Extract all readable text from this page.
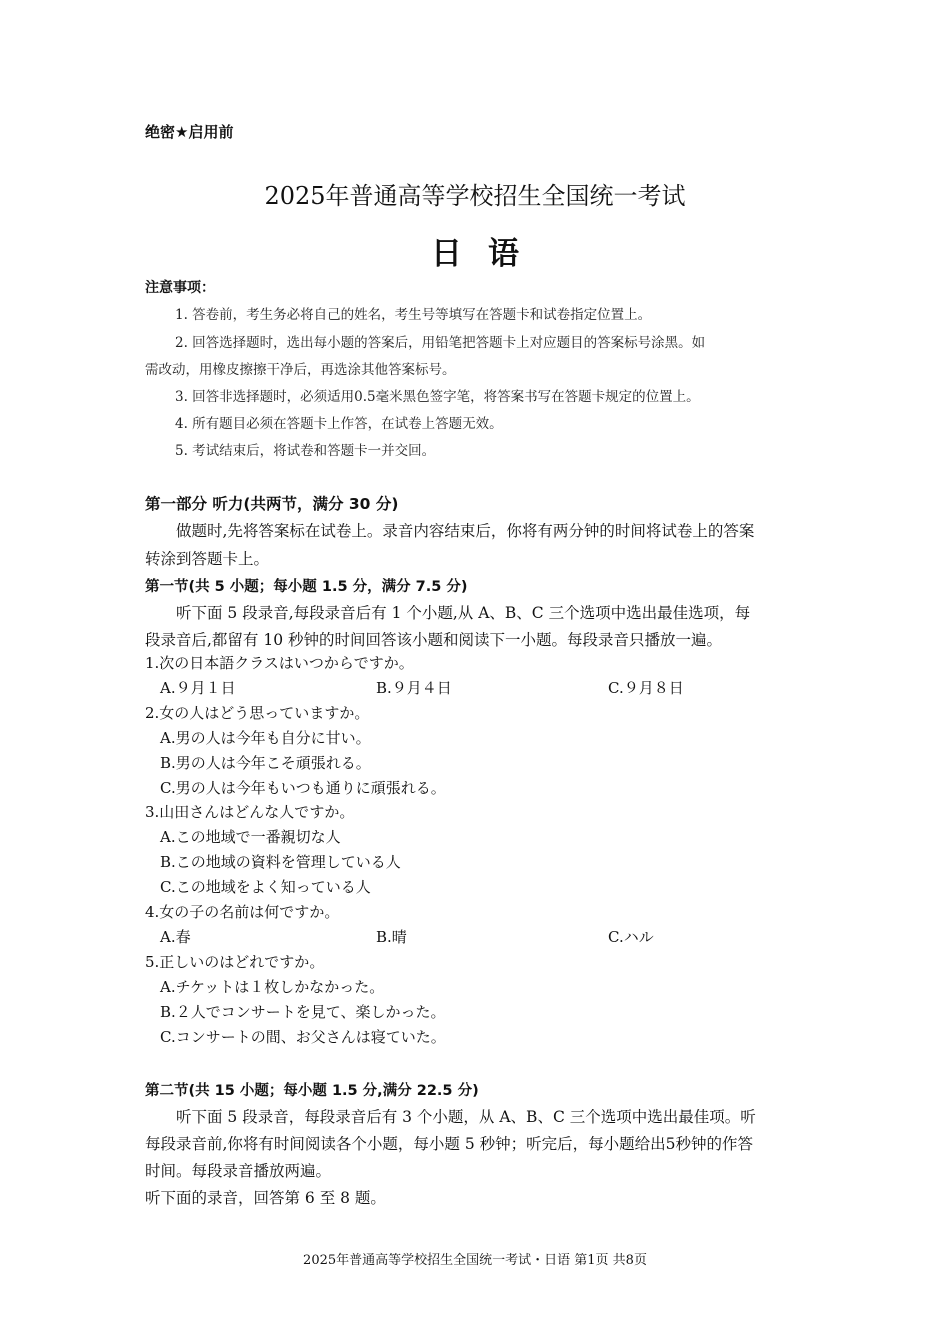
绝密★启用前
2025年普通高等学校招生全国统一考试
日语
注意事项：
1. 答卷前，考生务必将自己的姓名，考生号等填写在答题卡和试卷指定位置上。
2. 回答选择题时，选出每小题的答案后，用铅笔把答题卡上对应题目的答案标号涂黑。如
需改动，用橡皮擦擦干净后，再选涂其他答案标号。
3. 回答非选择题时，必须适用0.5毫米黑色签字笔，将答案书写在答题卡规定的位置上。
4. 所有题目必须在答题卡上作答，在试卷上答题无效。
5. 考试结束后，将试卷和答题卡一并交回。
第一部分 听力(共两节，满分 30 分)
做题时,先将答案标在试卷上。录音内容结束后，你将有两分钟的时间将试卷上的答案
转涂到答题卡上。
第一节(共 5 小题；每小题 1.5 分，满分 7.5 分)
听下面 5 段录音,每段录音后有 1 个小题,从 A、B、C 三个选项中选出最佳选项，每
段录音后,都留有 10 秒钟的时间回答该小题和阅读下一小题。每段录音只播放一遍。
1.次の日本語クラスはいつからですか。
A.９月１日	B.９月４日	C.９月８日
2.女の人はどう思っていますか。
A.男の人は今年も自分に甘い。
B.男の人は今年こそ頑張れる。
C.男の人は今年もいつも通りに頑張れる。
3.山田さんはどんな人ですか。
A.この地域で一番親切な人
B.この地域の資料を管理している人
C.この地域をよく知っている人
4.女の子の名前は何ですか。
A.春	B.晴	C.ハル
5.正しいのはどれですか。
A.チケットは１枚しかなかった。
B.２人でコンサートを見て、楽しかった。
C.コンサートの間、お父さんは寝ていた。
第二节(共 15 小题；每小题 1.5 分,满分 22.5 分)
听下面 5 段录音，每段录音后有 3 个小题，从 A、B、C 三个选项中选出最佳项。听
每段录音前,你将有时间阅读各个小题，每小题 5 秒钟；听完后，每小题给出5秒钟的作答
时间。每段录音播放两遍。
听下面的录音，回答第 6 至 8 题。
2025年普通高等学校招生全国统一考试・日语 第1页 共8页
